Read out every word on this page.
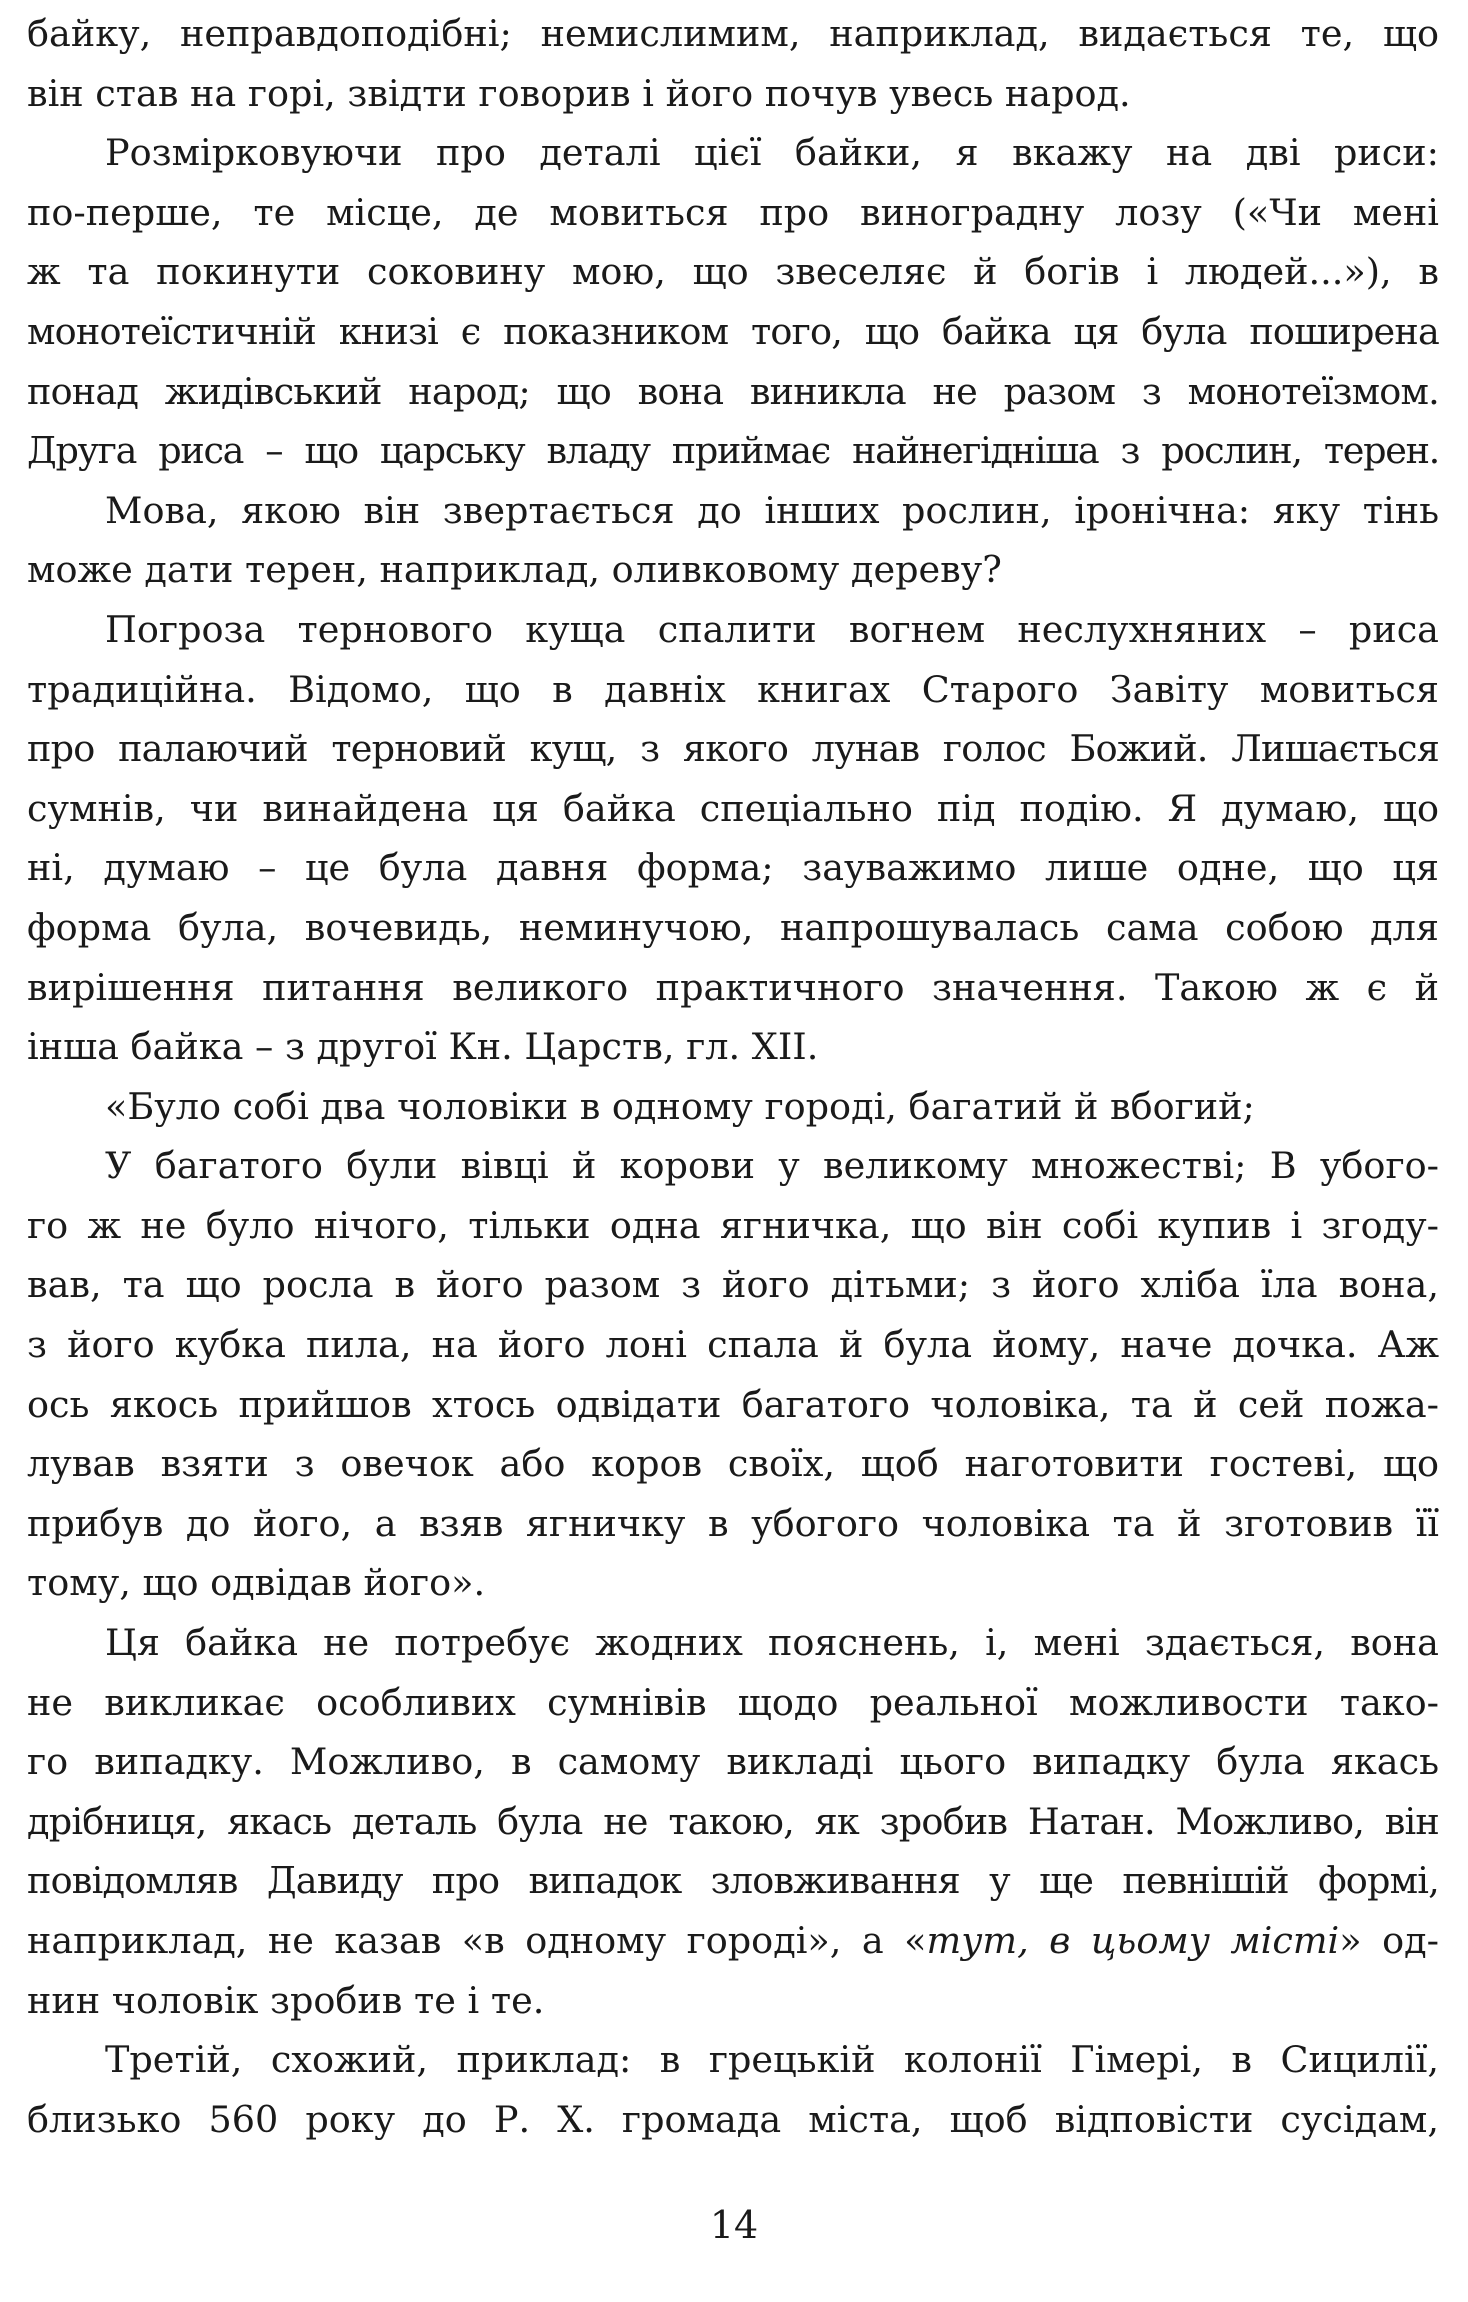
байку, неправдоподібні; немислимим, наприклад, видається те, що
він став на горі, звідти говорив і його почув увесь народ.
Розмірковуючи про деталі цієї байки, я вкажу на дві риси:
по-перше, те місце, де мовиться про виноградну лозу («Чи мені
ж та покинути соковину мою, що звеселяє й богів і людей...»), в
монотеїстичній книзі є показником того, що байка ця була поширена
понад жидівський народ; що вона виникла не разом з монотеїзмом.
Друга риса – що царську владу приймає найнегідніша з рослин, терен.
Мова, якою він звертається до інших рослин, іронічна: яку тінь
може дати терен, наприклад, оливковому дереву?
Погроза тернового куща спалити вогнем неслухняних – риса
традиційна. Відомо, що в давніх книгах Старого Завіту мовиться
про палаючий терновий кущ, з якого лунав голос Божий. Лишається
сумнів, чи винайдена ця байка спеціально під подію. Я думаю, що
ні, думаю – це була давня форма; зауважимо лише одне, що ця
форма була, вочевидь, неминучою, напрошувалась сама собою для
вирішення питання великого практичного значення. Такою ж є й
інша байка – з другої Кн. Царств, гл. XII.
«Було собі два чоловіки в одному городі, багатий й вбогий;
У багатого були вівці й корови у великому множестві; В убого-
го ж не було нічого, тільки одна ягничка, що він собі купив і згоду-
вав, та що росла в його разом з його дітьми; з його хліба їла вона,
з його кубка пила, на його лоні спала й була йому, наче дочка. Аж
ось якось прийшов хтось одвідати багатого чоловіка, та й сей пожа-
лував взяти з овечок або коров своїх, щоб наготовити гостеві, що
прибув до його, а взяв ягничку в убогого чоловіка та й зготовив її
тому, що одвідав його».
Ця байка не потребує жодних пояснень, і, мені здається, вона
не викликає особливих сумнівів щодо реальної можливости тако-
го випадку. Можливо, в самому викладі цього випадку була якась
дрібниця, якась деталь була не такою, як зробив Натан. Можливо, він
повідомляв Давиду про випадок зловживання у ще певнішій формі,
наприклад, не казав «в одному городі», а «тут, в цьому місті» од-
нин чоловік зробив те і те.
Третій, схожий, приклад: в грецькій колонії Гімері, в Сицилії,
близько 560 року до Р. Х. громада міста, щоб відповісти сусідам,
14
